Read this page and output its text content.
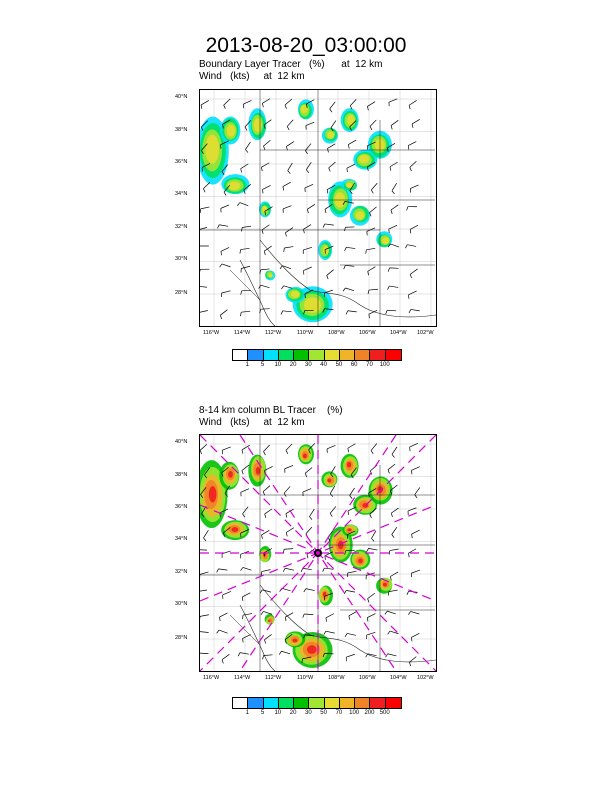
2013-08-20_03:00:00
Boundary Layer Tracer   (%)      at  12 km
Wind   (kts)     at  12 km
40°N
38°N
36°N
34°N
32°N
30°N
28°N
116°W	114°W	112°W	110°W	108°W	106°W	104°W 102°W
1 5 10 20 30 40 50 60 70 100
8-14 km column BL Tracer    (%)
Wind   (kts)     at  12 km
40°N
38°N
36°N
34°N
32°N
30°N
28°N
116°W	114°W	112°W	110°W	108°W	106°W	104°W 102°W
1 5 10 20 30 50 70 100 200 500
